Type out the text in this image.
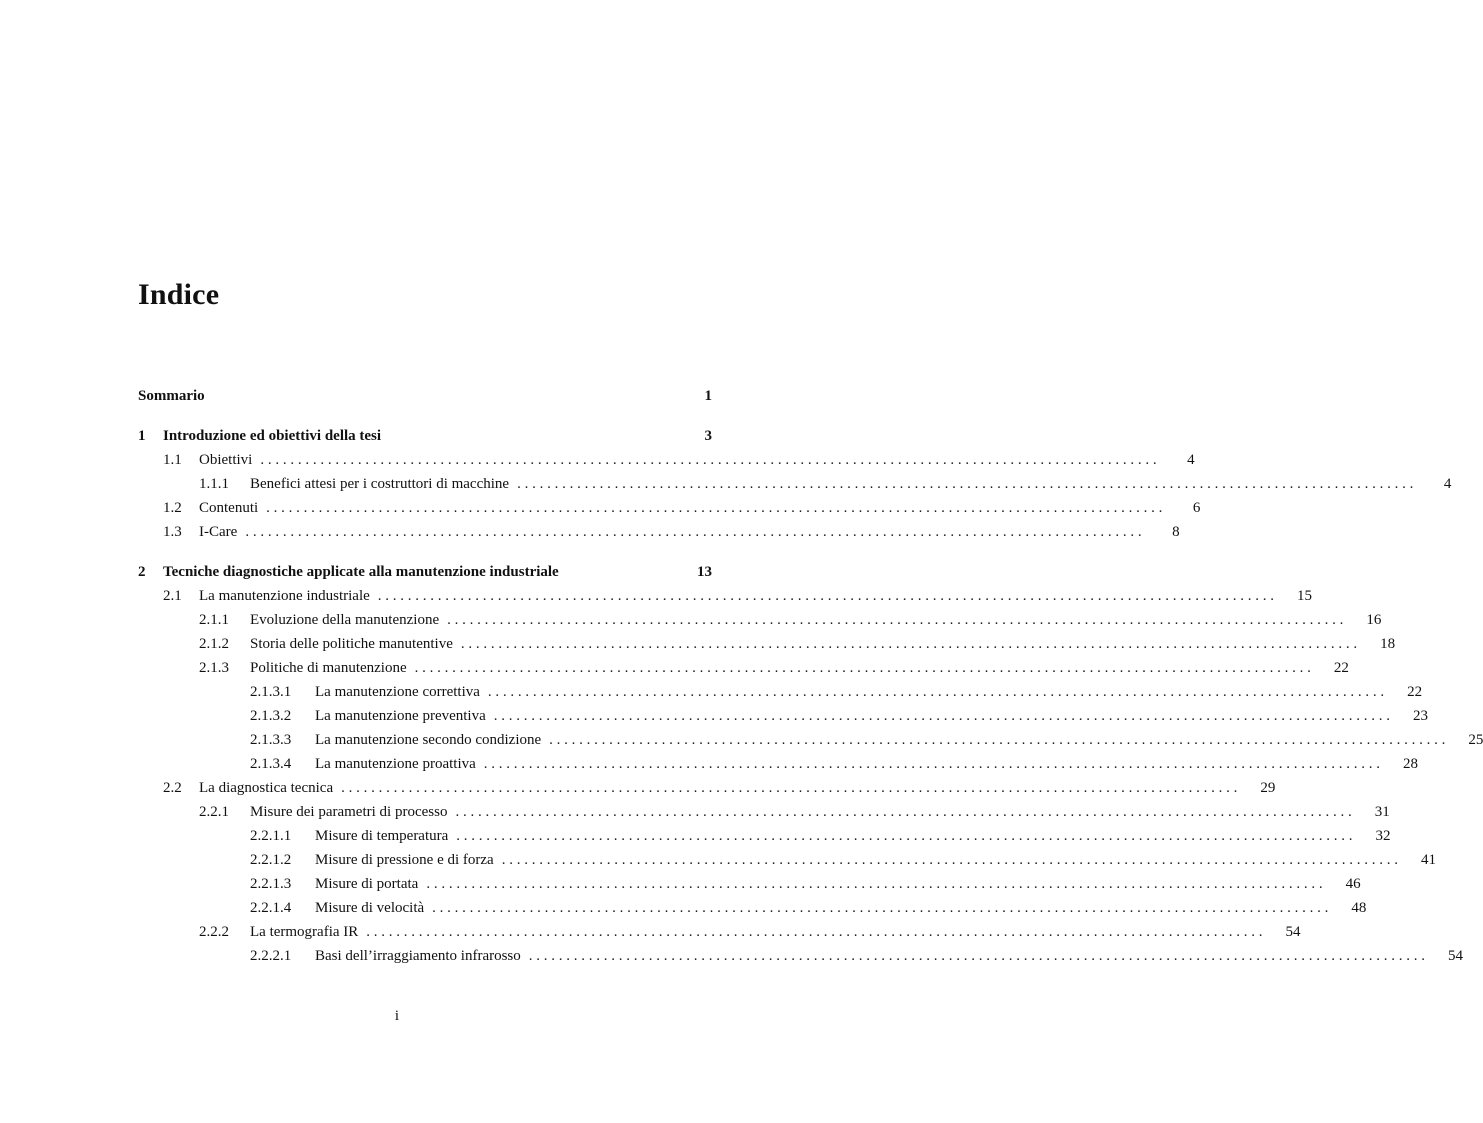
Indice
Sommario	1
1 Introduzione ed obiettivi della tesi	3
1.1 Obiettivi . . . . . . . . . . . . . . . . . . . . . . . . . . . . . . . . . . . . . . . . . . . . . . . . . . . . . . . . . . . . . . . . . . . . . . . . . . . . . . . . . . . . . . . . . . . . . . . . . . . . . . . . . . . . . . . . . . . . . . . .	4
1.1.1 Benefici attesi per i costruttori di macchine . . . . . . . . . . . . . . . . . . . . . . . . . . . . . . . . . . . . . . . . . . . . . . . . . . . . . . . . . . . . . . . . . . . . . . . . . . . . . . . . . . . . . . . . . . . . . . . . . . . . . . . . . . . . . . . . . . . . . . . .	4
1.2 Contenuti . . . . . . . . . . . . . . . . . . . . . . . . . . . . . . . . . . . . . . . . . . . . . . . . . . . . . . . . . . . . . . . . . . . . . . . . . . . . . . . . . . . . . . . . . . . . . . . . . . . . . . . . . . . . . . . . . . . . . . . .	6
1.3 I-Care . . . . . . . . . . . . . . . . . . . . . . . . . . . . . . . . . . . . . . . . . . . . . . . . . . . . . . . . . . . . . . . . . . . . . . . . . . . . . . . . . . . . . . . . . . . . . . . . . . . . . . . . . . . . . . . . . . . . . . . .	8
2 Tecniche diagnostiche applicate alla manutenzione industriale	13
2.1 La manutenzione industriale . . . . . . . . . . . . . . . . . . . . . . . . . . . . . . . . . . . . . . . . . . . . . . . . . . . . . . . . . . . . . . . . . . . . . . . . . . . . . . . . . . . . . . . . . . . . . . . . . . . . . . . . . . . . . . . . . . . . . . . .	15
2.1.1 Evoluzione della manutenzione . . . . . . . . . . . . . . . . . . . . . . . . . . . . . . . . . . . . . . . . . . . . . . . . . . . . . . . . . . . . . . . . . . . . . . . . . . . . . . . . . . . . . . . . . . . . . . . . . . . . . . . . . . . . . . . . . . . . . . . .	16
2.1.2 Storia delle politiche manutentive . . . . . . . . . . . . . . . . . . . . . . . . . . . . . . . . . . . . . . . . . . . . . . . . . . . . . . . . . . . . . . . . . . . . . . . . . . . . . . . . . . . . . . . . . . . . . . . . . . . . . . . . . . . . . . . . . . . . . . . .	18
2.1.3 Politiche di manutenzione . . . . . . . . . . . . . . . . . . . . . . . . . . . . . . . . . . . . . . . . . . . . . . . . . . . . . . . . . . . . . . . . . . . . . . . . . . . . . . . . . . . . . . . . . . . . . . . . . . . . . . . . . . . . . . . . . . . . . . . .	22
2.1.3.1 La manutenzione correttiva . . . . . . . . . . . . . . . . . . . . . . . . . . . . . . . . . . . . . . . . . . . . . . . . . . . . . . . . . . . . . . . . . . . . . . . . . . . . . . . . . . . . . . . . . . . . . . . . . . . . . . . . . . . . . . . . . . . . . . . .	22
2.1.3.2 La manutenzione preventiva . . . . . . . . . . . . . . . . . . . . . . . . . . . . . . . . . . . . . . . . . . . . . . . . . . . . . . . . . . . . . . . . . . . . . . . . . . . . . . . . . . . . . . . . . . . . . . . . . . . . . . . . . . . . . . . . . . . . . . . .	23
2.1.3.3 La manutenzione secondo condizione . . . . . . . . . . . . . . . . . . . . . . . . . . . . . . . . . . . . . . . . . . . . . . . . . . . . . . . . . . . . . . . . . . . . . . . . . . . . . . . . . . . . . . . . . . . . . . . . . . . . . . . . . . . . . . . . . . . . . . . .	25
2.1.3.4 La manutenzione proattiva . . . . . . . . . . . . . . . . . . . . . . . . . . . . . . . . . . . . . . . . . . . . . . . . . . . . . . . . . . . . . . . . . . . . . . . . . . . . . . . . . . . . . . . . . . . . . . . . . . . . . . . . . . . . . . . . . . . . . . . .	28
2.2 La diagnostica tecnica . . . . . . . . . . . . . . . . . . . . . . . . . . . . . . . . . . . . . . . . . . . . . . . . . . . . . . . . . . . . . . . . . . . . . . . . . . . . . . . . . . . . . . . . . . . . . . . . . . . . . . . . . . . . . . . . . . . . . . . .	29
2.2.1 Misure dei parametri di processo . . . . . . . . . . . . . . . . . . . . . . . . . . . . . . . . . . . . . . . . . . . . . . . . . . . . . . . . . . . . . . . . . . . . . . . . . . . . . . . . . . . . . . . . . . . . . . . . . . . . . . . . . . . . . . . . . . . . . . . .	31
2.2.1.1 Misure di temperatura . . . . . . . . . . . . . . . . . . . . . . . . . . . . . . . . . . . . . . . . . . . . . . . . . . . . . . . . . . . . . . . . . . . . . . . . . . . . . . . . . . . . . . . . . . . . . . . . . . . . . . . . . . . . . . . . . . . . . . . .	32
2.2.1.2 Misure di pressione e di forza . . . . . . . . . . . . . . . . . . . . . . . . . . . . . . . . . . . . . . . . . . . . . . . . . . . . . . . . . . . . . . . . . . . . . . . . . . . . . . . . . . . . . . . . . . . . . . . . . . . . . . . . . . . . . . . . . . . . . . . .	41
2.2.1.3 Misure di portata . . . . . . . . . . . . . . . . . . . . . . . . . . . . . . . . . . . . . . . . . . . . . . . . . . . . . . . . . . . . . . . . . . . . . . . . . . . . . . . . . . . . . . . . . . . . . . . . . . . . . . . . . . . . . . . . . . . . . . . .	46
2.2.1.4 Misure di velocità . . . . . . . . . . . . . . . . . . . . . . . . . . . . . . . . . . . . . . . . . . . . . . . . . . . . . . . . . . . . . . . . . . . . . . . . . . . . . . . . . . . . . . . . . . . . . . . . . . . . . . . . . . . . . . . . . . . . . . . .	48
2.2.2 La termografia IR . . . . . . . . . . . . . . . . . . . . . . . . . . . . . . . . . . . . . . . . . . . . . . . . . . . . . . . . . . . . . . . . . . . . . . . . . . . . . . . . . . . . . . . . . . . . . . . . . . . . . . . . . . . . . . . . . . . . . . . .	54
2.2.2.1 Basi dell’irraggiamento infrarosso . . . . . . . . . . . . . . . . . . . . . . . . . . . . . . . . . . . . . . . . . . . . . . . . . . . . . . . . . . . . . . . . . . . . . . . . . . . . . . . . . . . . . . . . . . . . . . . . . . . . . . . . . . . . . . . . . . . . . . . .	54
i
